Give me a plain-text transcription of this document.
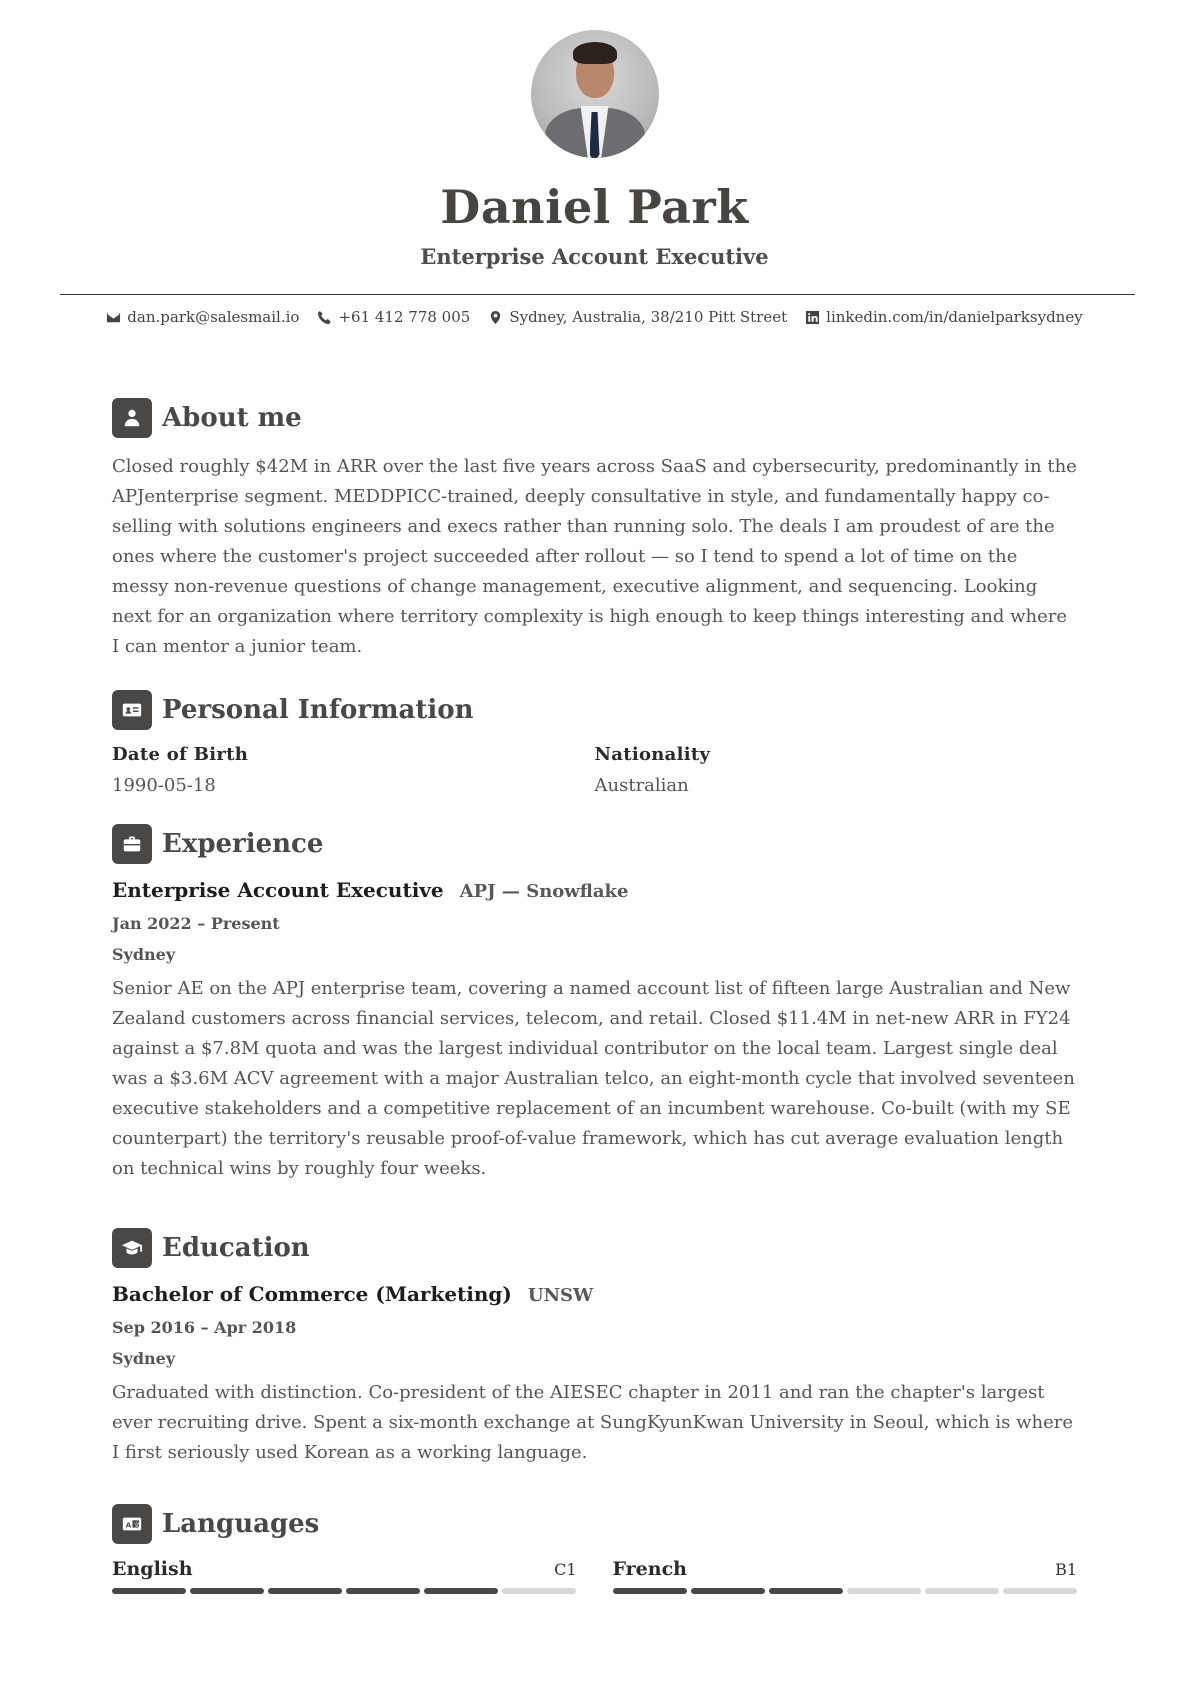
Daniel Park
Enterprise Account Executive
dan.park@salesmail.io	+61 412 778 005	Sydney, Australia, 38/210 Pitt Street	linkedin.com/in/danielparksydney
About me

Closed roughly $42M in ARR over the last five years across SaaS and cybersecurity, predominantly in the APJenterprise segment. MEDDPICC-trained, deeply consultative in style, and fundamentally happy co-selling with solutions engineers and execs rather than running solo. The deals I am proudest of are the ones where the customer's project succeeded after rollout — so I tend to spend a lot of time on the messy non-revenue questions of change management, executive alignment, and sequencing. Looking next for an organization where territory complexity is high enough to keep things interesting and where I can mentor a junior team.

Personal Information
Date of Birth
1990-05-18
Nationality
Australian
Experience
Enterprise Account Executive APJ — Snowflake
Jan 2022 – Present
Sydney

Senior AE on the APJ enterprise team, covering a named account list of fifteen large Australian and New Zealand customers across financial services, telecom, and retail. Closed $11.4M in net-new ARR in FY24 against a $7.8M quota and was the largest individual contributor on the local team. Largest single deal was a $3.6M ACV agreement with a major Australian telco, an eight-month cycle that involved seventeen executive stakeholders and a competitive replacement of an incumbent warehouse. Co-built (with my SE counterpart) the territory's reusable proof-of-value framework, which has cut average evaluation length on technical wins by roughly four weeks.

Education
Bachelor of Commerce (Marketing) UNSW
Sep 2016 – Apr 2018
Sydney

Graduated with distinction. Co-president of the AIESEC chapter in 2011 and ran the chapter's largest ever recruiting drive. Spent a six-month exchange at SungKyunKwan University in Seoul, which is where I first seriously used Korean as a working language.

A 文 Languages
English	C1 French	B1
